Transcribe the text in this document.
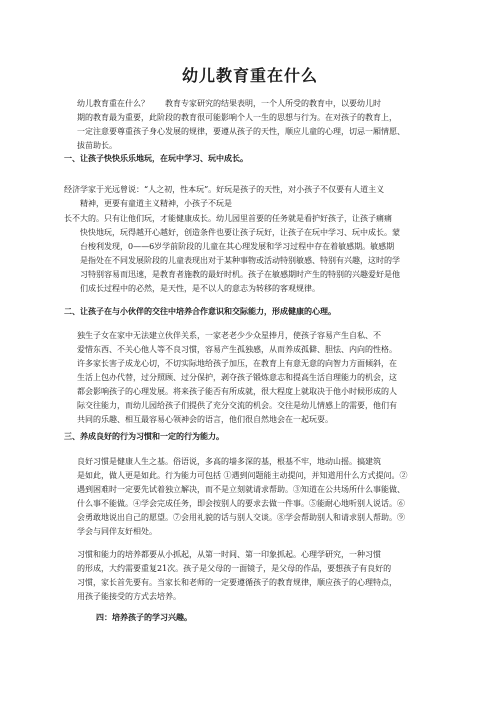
幼儿教育重在什么
幼儿教育重在什么？　　教育专家研究的结果表明，一个人所受的教育中，以要幼儿时
期的教育最为重要，此阶段的教育很可能影响个人一生的思想与行为。在对孩子的教育上，
一定注意要尊重孩子身心发展的规律，要遵从孩子的天性，顺应儿童的心理，切忌一厢情愿、
拔苗助长。
一、让孩子快快乐乐地玩，在玩中学习、玩中成长。
经济学家于光远曾说：“人之初，性本玩”。好玩是孩子的天性，对小孩子不仅要有人道主义
　　精神，更要有童道主义精神，小孩子不玩是
长不大的。只有让他们玩，才能健康成长。幼儿园里首要的任务就是看护好孩子，让孩子痛痛
　　快快地玩，玩得越开心越好，创造条件也要让孩子玩好，让孩子在玩中学习、玩中成长。蒙
　　台梭利发现，0——6岁学前阶段的儿童在其心理发展和学习过程中存在着敏感期。敏感期
　　是指处在不同发展阶段的儿童表现出对于某种事物或活动特别敏感、特别有兴趣，这时的学
　　习特别容易而迅速，是教育者施教的最好时机。孩子在敏感期时产生的特别的兴趣爱好是他
　　们成长过程中的必然，是天性，是不以人的意志为转移的客观规律。
二、让孩子在与小伙伴的交往中培养合作意识和交际能力，形成健康的心理。
独生子女在家中无法建立伙伴关系，一家老老少少众星捧月，使孩子容易产生自私、不
爱惜东西、不关心他人等不良习惯，容易产生孤独感，从而养成孤僻、胆怯、内向的性格。
许多家长害子成龙心切，不切实际地给孩子加压，在教育上有意无意的向智力方面倾斜，在
生活上包办代替，过分照顾、过分保护，剥夺孩子锻炼意志和提高生活自理能力的机会，这
都会影响孩子的心理发展。将来孩子能否有所成就，很大程度上就取决于他小时候形成的人
际交往能力，而幼儿园给孩子们提供了充分交流的机会。交往是幼儿情感上的需要，他们有
共同的乐趣、相互最容易心领神会的语言，他们很自然地会在一起玩耍。
三、养成良好的行为习惯和一定的行为能力。
良好习惯是健康人生之基。俗语说，多高的墙多深的基，根基不牢，地动山摇。搞建筑
是如此，做人更是如此。行为能力可包括 ①遇到问题能主动提问，并知道用什么方式提问。②
遇到困难时一定要先试着独立解决，而不是立刻就请求帮助。③知道在公共场所什么事能做、
什么事不能做。④学会完成任务，即会按别人的要求去做一件事。⑤能耐心地听别人说话。⑥
会勇敢地说出自己的愿望。⑦会用礼貌的话与别人交谈。⑧学会帮助别人和请求别人帮助。⑨
学会与同伴友好相处。
习惯和能力的培养都要从小抓起，从第一时间、第一印象抓起。心理学研究，一种习惯
的形成，大约需要重复21次。孩子是父母的一面镜子，是父母的作品，要想孩子有良好的
习惯，家长首先要有。当家长和老师的一定要遵循孩子的教育规律，顺应孩子的心理特点，
用孩子能接受的方式去培养。
四：培养孩子的学习兴趣。
